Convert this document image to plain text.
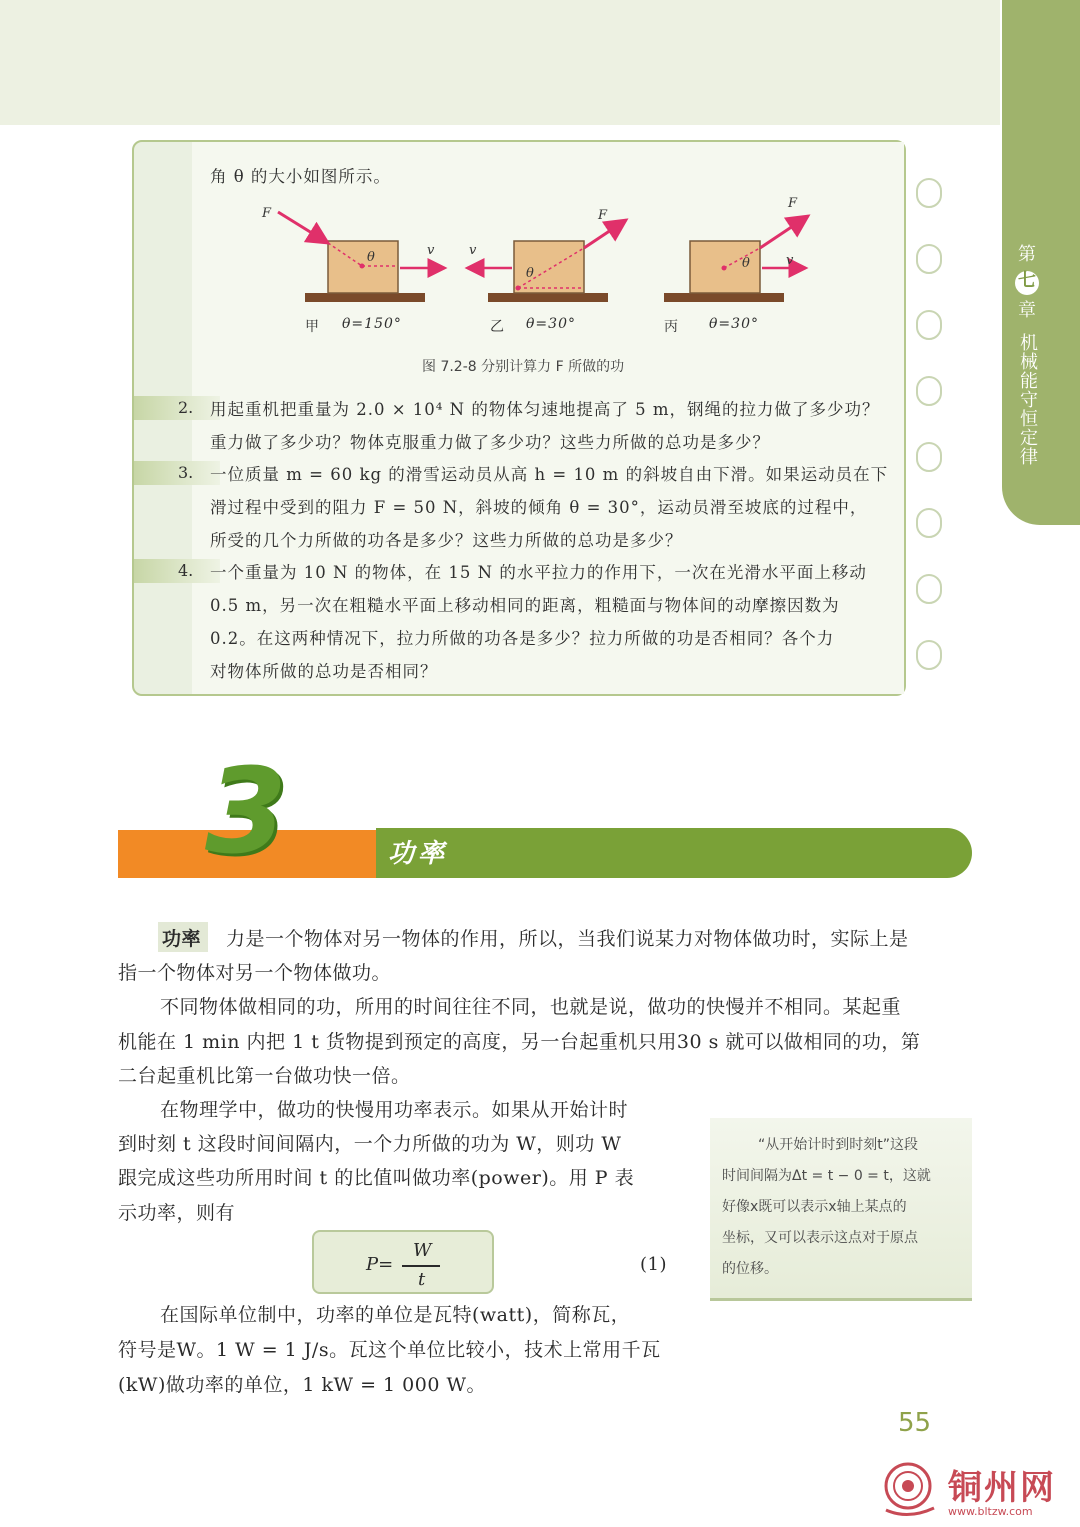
第
七
章
机械能守恒定律
角 θ 的大小如图所示。
F
v
θ
F
v
θ
F
v
θ
甲 θ=150°	乙 θ=30°	丙 θ=30°
图 7.2-8 分别计算力 F 所做的功
2. 用起重机把重量为 2.0 × 10⁴ N 的物体匀速地提高了 5 m，钢绳的拉力做了多少功？
重力做了多少功？物体克服重力做了多少功？这些力所做的总功是多少？
3. 一位质量 m = 60 kg 的滑雪运动员从高 h = 10 m 的斜坡自由下滑。如果运动员在下
滑过程中受到的阻力 F = 50 N，斜坡的倾角 θ = 30°，运动员滑至坡底的过程中，
所受的几个力所做的功各是多少？这些力所做的总功是多少？
4. 一个重量为 10 N 的物体，在 15 N 的水平拉力的作用下，一次在光滑水平面上移动
0.5 m，另一次在粗糙水平面上移动相同的距离，粗糙面与物体间的动摩擦因数为
0.2。在这两种情况下，拉力所做的功各是多少？拉力所做的功是否相同？各个力
对物体所做的总功是否相同？
3	功率
功率 力是一个物体对另一物体的作用，所以，当我们说某力对物体做功时，实际上是
指一个物体对另一个物体做功。
不同物体做相同的功，所用的时间往往不同，也就是说，做功的快慢并不相同。某起重
机能在 1 min 内把 1 t 货物提到预定的高度，另一台起重机只用30 s 就可以做相同的功，第
二台起重机比第一台做功快一倍。
在物理学中，做功的快慢用功率表示。如果从开始计时
到时刻 t 这段时间间隔内，一个力所做的功为 W，则功 W
跟完成这些功所用时间 t 的比值叫做功率(power)。用 P 表
示功率，则有
P=
W
t
(1)
在国际单位制中，功率的单位是瓦特(watt)，简称瓦，
符号是W。1 W = 1 J/s。瓦这个单位比较小，技术上常用千瓦
(kW)做功率的单位，1 kW = 1 000 W。
“从开始计时到时刻t”这段
时间间隔为Δt = t − 0 = t，这就
好像x既可以表示x轴上某点的
坐标，又可以表示这点对于原点
的位移。
55
铜州网
www.bltzw.com
